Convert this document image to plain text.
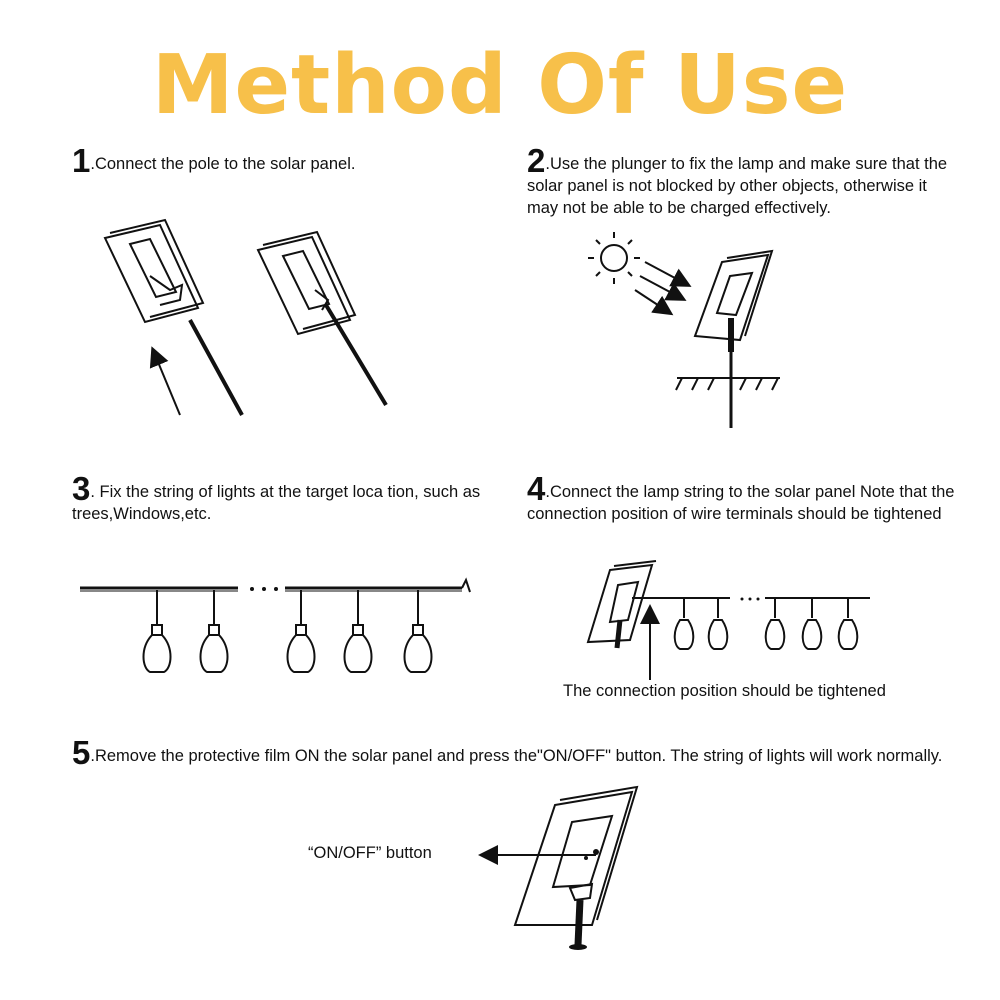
Method Of Use
1.Connect the pole to the solar panel.	2.Use the plunger to fix the lamp and make sure that the solar panel is not blocked by other objects, otherwise it may not be able to be charged effectively.
3. Fix the string of lights at the target loca tion, such as trees,Windows,etc.
4.Connect the lamp string to the solar panel Note that the connection position of wire terminals should be tightened
5.Remove the protective film ON the solar panel and press the"ON/OFF" button. The string of lights will work normally.
The connection position should be tightened
“ON/OFF” button
